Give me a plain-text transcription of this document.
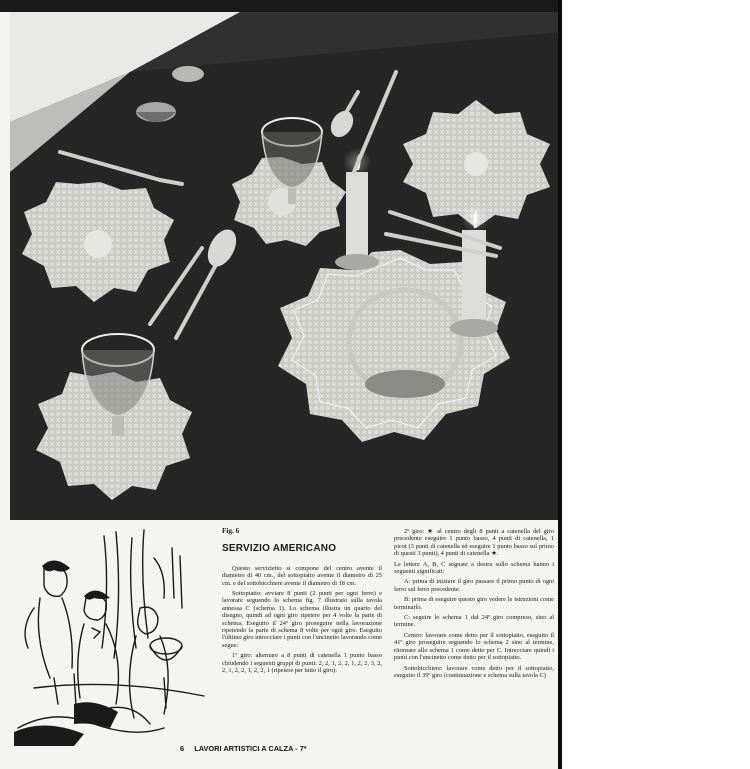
Fig. 6
SERVIZIO AMERICANO

Questo servizietto si compone del centro avente il diametro di 40 cm., del sottopiatto avente il diametro di 25 cm. e del sottobicchiere avente il diametro di 18 cm.

Sottopiatto: avviare 8 punti (2 punti per ogni ferro) e lavorare seguendo lo schema fig. 7 illustrato sulla tavola annessa C (schema 1). Lo schema illustra un quarto del disegno, quindi ad ogni giro ripetere per 4 volte la parte di schema. Eseguito il 24º giro proseguire nella lavorazione ripetendo la parte di schema 8 volte per ogni giro. Eseguito l'ultimo giro intrecciare i punti con l'uncinetto lavorando come segue:

1º giro: alternare a 8 punti di catenella 1 punto basso chiudendo i seguenti gruppi di punti: 2, 2, 1, 2, 2, 1, 2, 2, 3, 2, 2, 1, 2, 2, 1, 2, 2, 1 (ripetere per tutto il giro).

2º giro: ★ al centro degli 8 punti a catenella del giro precedente eseguire 1 punto basso, 4 punti di catenella, 1 picot (3 punti di catenella ed eseguire 1 punto basso sul primo di questi 3 punti), 4 punti di catenella ★.

Le lettere A, B, C segnate a destra sullo schema hanno i seguenti significati:

A: prima di iniziare il giro passare il primo punto di ogni ferro sul ferro precedente.

B: prima di eseguire questo giro vedere le istruzioni come terminarlo.

C: seguire lo schema 1 dal 24º giro compreso, sino al termine.

Centro: lavorare come detto per il sottopiatto, eseguito il 41º giro proseguire seguendo lo schema 2 sino al termine, ritornare allo schema 1 come detto per C. Intrecciare quindi i punti con l'uncinetto come detto per il sottopiatto.

Sottobicchiere: lavorare come detto per il sottopiatto, eseguito il 39º giro (continuazione e schema sulla tavola C)

6 LAVORI ARTISTICI A CALZA - 7ª
